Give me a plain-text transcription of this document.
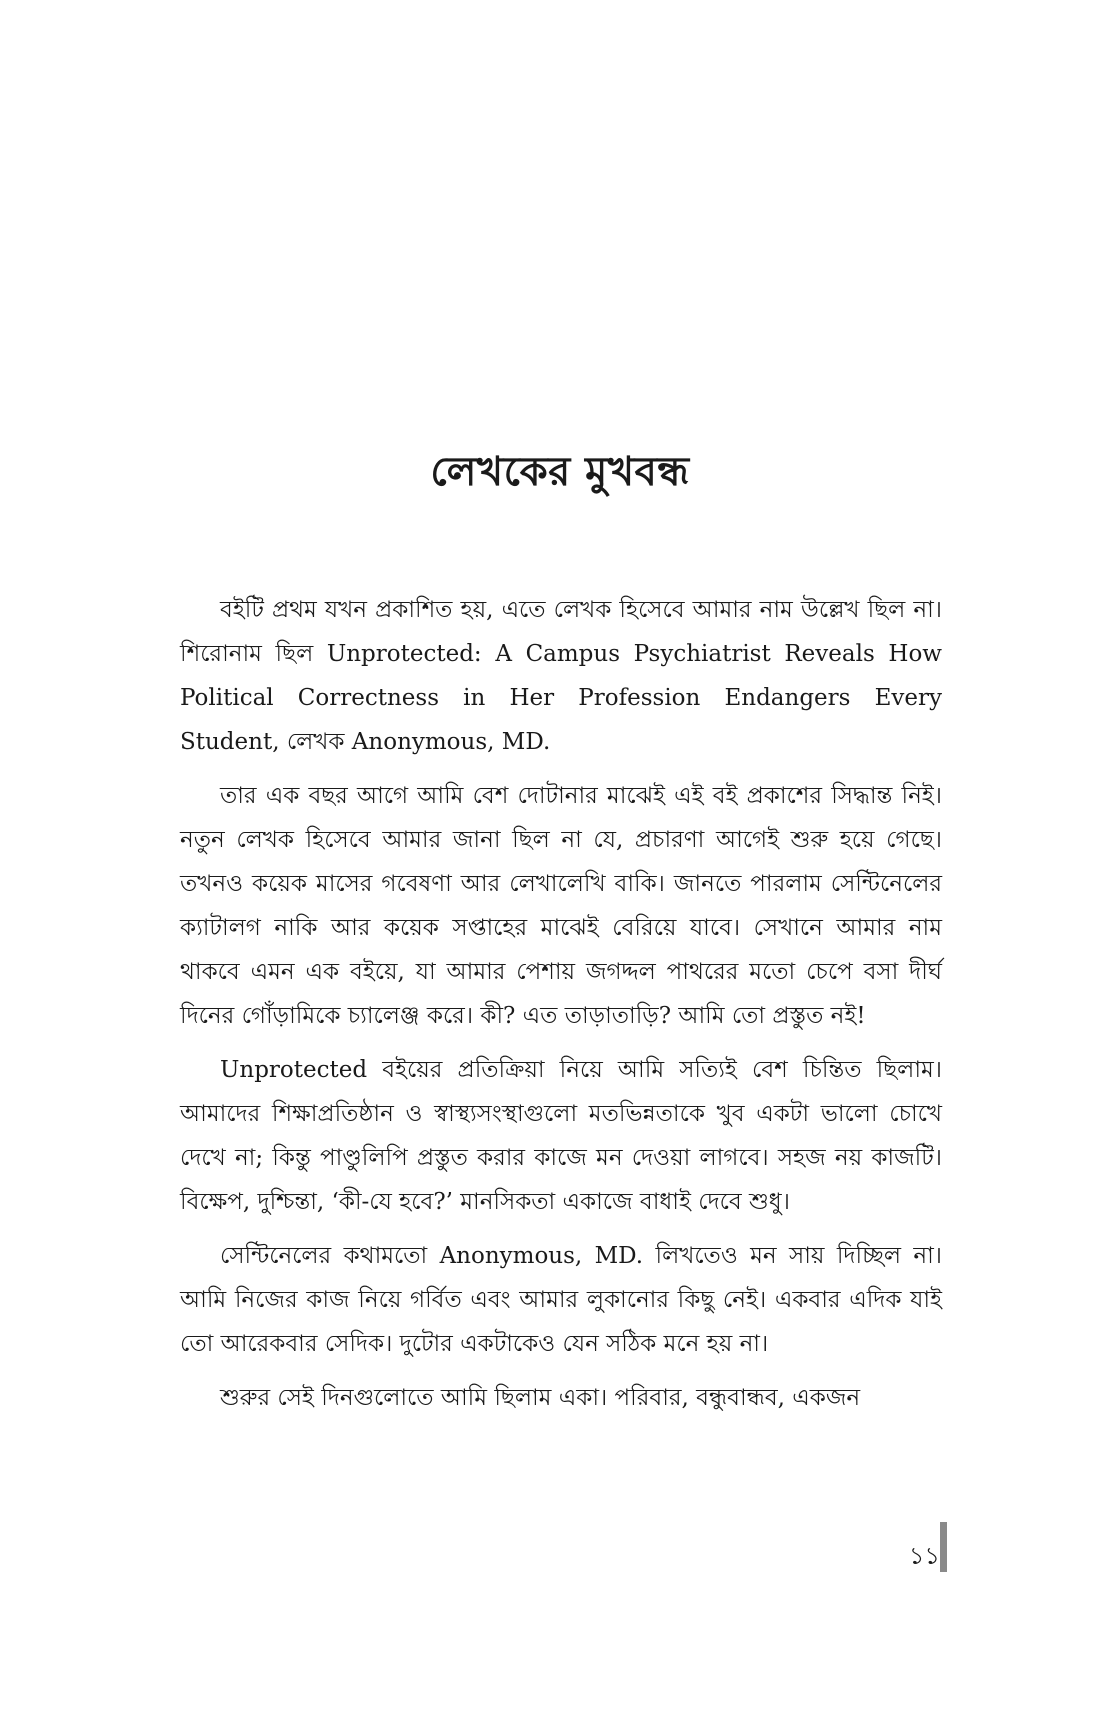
লেখকের মুখবন্ধ

বইটি প্রথম যখন প্রকাশিত হয়, এতে লেখক হিসেবে আমার নাম উল্লেখ ছিল না। শিরোনাম ছিল Unprotected: A Campus Psychiatrist Reveals How Political Correctness in Her Profession Endangers Every Student, লেখক Anonymous, MD.

তার এক বছর আগে আমি বেশ দোটানার মাঝেই এই বই প্রকাশের সিদ্ধান্ত নিই। নতুন লেখক হিসেবে আমার জানা ছিল না যে, প্রচারণা আগেই শুরু হয়ে গেছে। তখনও কয়েক মাসের গবেষণা আর লেখালেখি বাকি। জানতে পারলাম সেন্টিনেলের ক্যাটালগ নাকি আর কয়েক সপ্তাহের মাঝেই বেরিয়ে যাবে। সেখানে আমার নাম থাকবে এমন এক বইয়ে, যা আমার পেশায় জগদ্দল পাথরের মতো চেপে বসা দীর্ঘ দিনের গোঁড়ামিকে চ্যালেঞ্জ করে। কী? এত তাড়াতাড়ি? আমি তো প্রস্তুত নই!

Unprotected বইয়ের প্রতিক্রিয়া নিয়ে আমি সত্যিই বেশ চিন্তিত ছিলাম। আমাদের শিক্ষাপ্রতিষ্ঠান ও স্বাস্থ্যসংস্থাগুলো মতভিন্নতাকে খুব একটা ভালো চোখে দেখে না; কিন্তু পাণ্ডুলিপি প্রস্তুত করার কাজে মন দেওয়া লাগবে। সহজ নয় কাজটি। বিক্ষেপ, দুশ্চিন্তা, ‘কী-যে হবে?’ মানসিকতা একাজে বাধাই দেবে শুধু।

সেন্টিনেলের কথামতো Anonymous, MD. লিখতেও মন সায় দিচ্ছিল না। আমি নিজের কাজ নিয়ে গর্বিত এবং আমার লুকানোর কিছু নেই। একবার এদিক যাই তো আরেকবার সেদিক। দুটোর একটাকেও যেন সঠিক মনে হয় না।

শুরুর সেই দিনগুলোতে আমি ছিলাম একা। পরিবার, বন্ধুবান্ধব, একজন

১১
